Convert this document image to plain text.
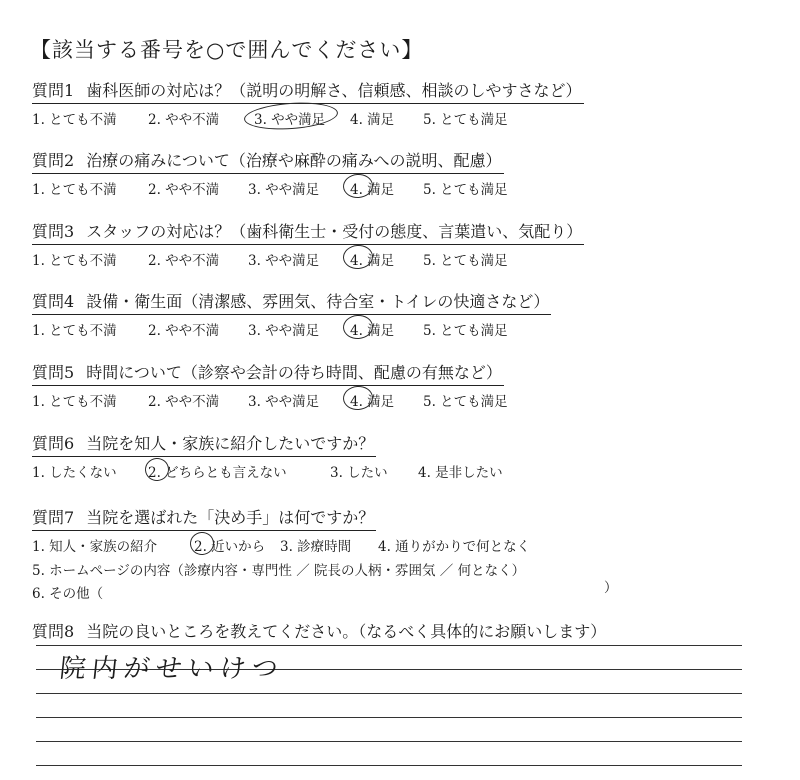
【該当する番号を○で囲んでください】
質問1 歯科医師の対応は？（説明の明解さ、信頼感、相談のしやすさなど）
1. とても不満 2. やや不満	3. やや満足 4. 満足 5. とても満足
質問2 治療の痛みについて（治療や麻酔の痛みへの説明、配慮）
1. とても不満 2. やや不満 3. やや満足 4. 満足 5. とても満足
質問3 スタッフの対応は？（歯科衛生士・受付の態度、言葉遣い、気配り）
1. とても不満 2. やや不満 3. やや満足 4. 満足 5. とても満足
質問4 設備・衛生面（清潔感、雰囲気、待合室・トイレの快適さなど）
1. とても不満 2. やや不満 3. やや満足 4. 満足 5. とても満足
質問5 時間について（診察や会計の待ち時間、配慮の有無など）
1. とても不満 2. やや不満 3. やや満足 4. 満足 5. とても満足
質問6 当院を知人・家族に紹介したいですか？
1. したくない 2. どちらとも言えない	3. したい 4. 是非したい
質問7 当院を選ばれた「決め手」は何ですか？
1. 知人・家族の紹介	2. 近いから 3. 診療時間 4. 通りがかりで何となく
5. ホームページの内容（診療内容・専門性 ／ 院長の人柄・雰囲気 ／ 何となく）
6. その他（	）
質問8 当院の良いところを教えてください。（なるべく具体的にお願いします）
院内がせいけつ
